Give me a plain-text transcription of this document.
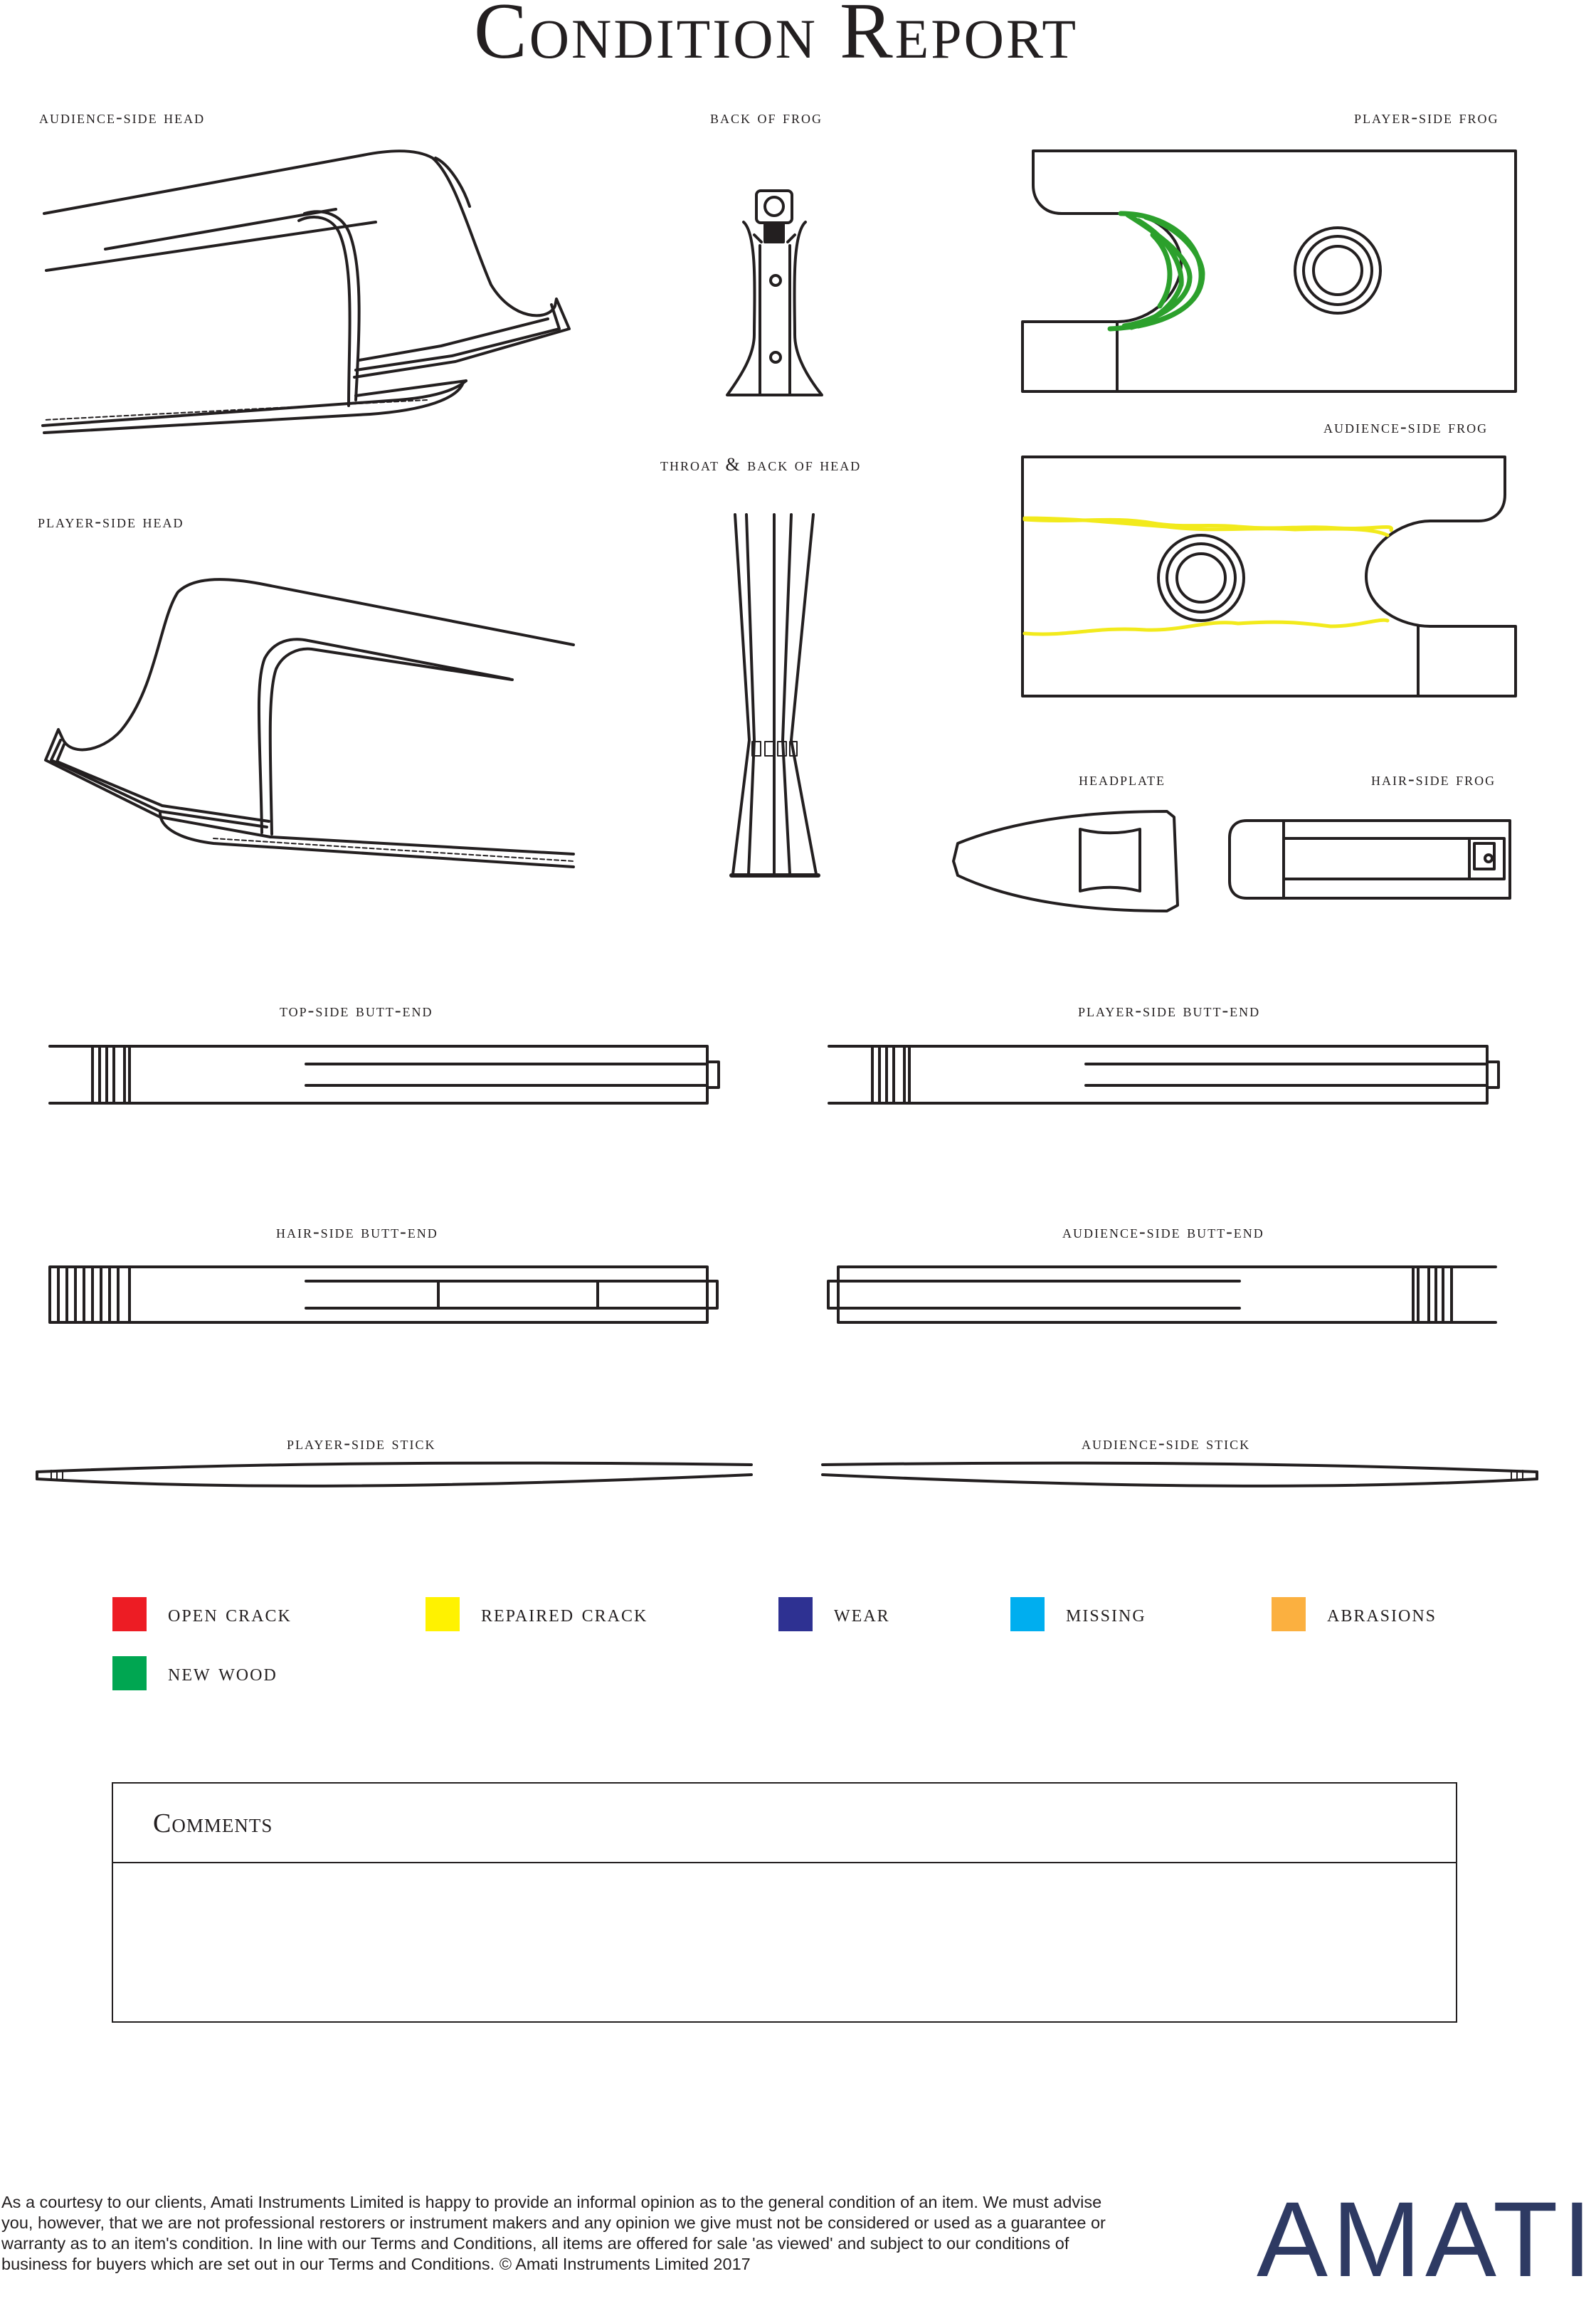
Condition Report
audience-side head	back of frog	player-side frog
audience-side frog
throat & back of head
player-side head
headplate	hair-side frog
top-side butt-end	player-side butt-end
hair-side butt-end	audience-side butt-end
player-side stick	audience-side stick
open crack	repaired crack	wear	missing	abrasions
new wood
Comments
As a courtesy to our clients, Amati Instruments Limited is happy to provide an informal opinion as to the general condition of an item. We must advise you, however, that we are not professional restorers or instrument makers and any opinion we give must not be considered or used as a guarantee or warranty as to an item's condition. In line with our Terms and Conditions, all items are offered for sale 'as viewed' and subject to our conditions of business for buyers which are set out in our Terms and Conditions. © Amati Instruments Limited 2017	AMATI
